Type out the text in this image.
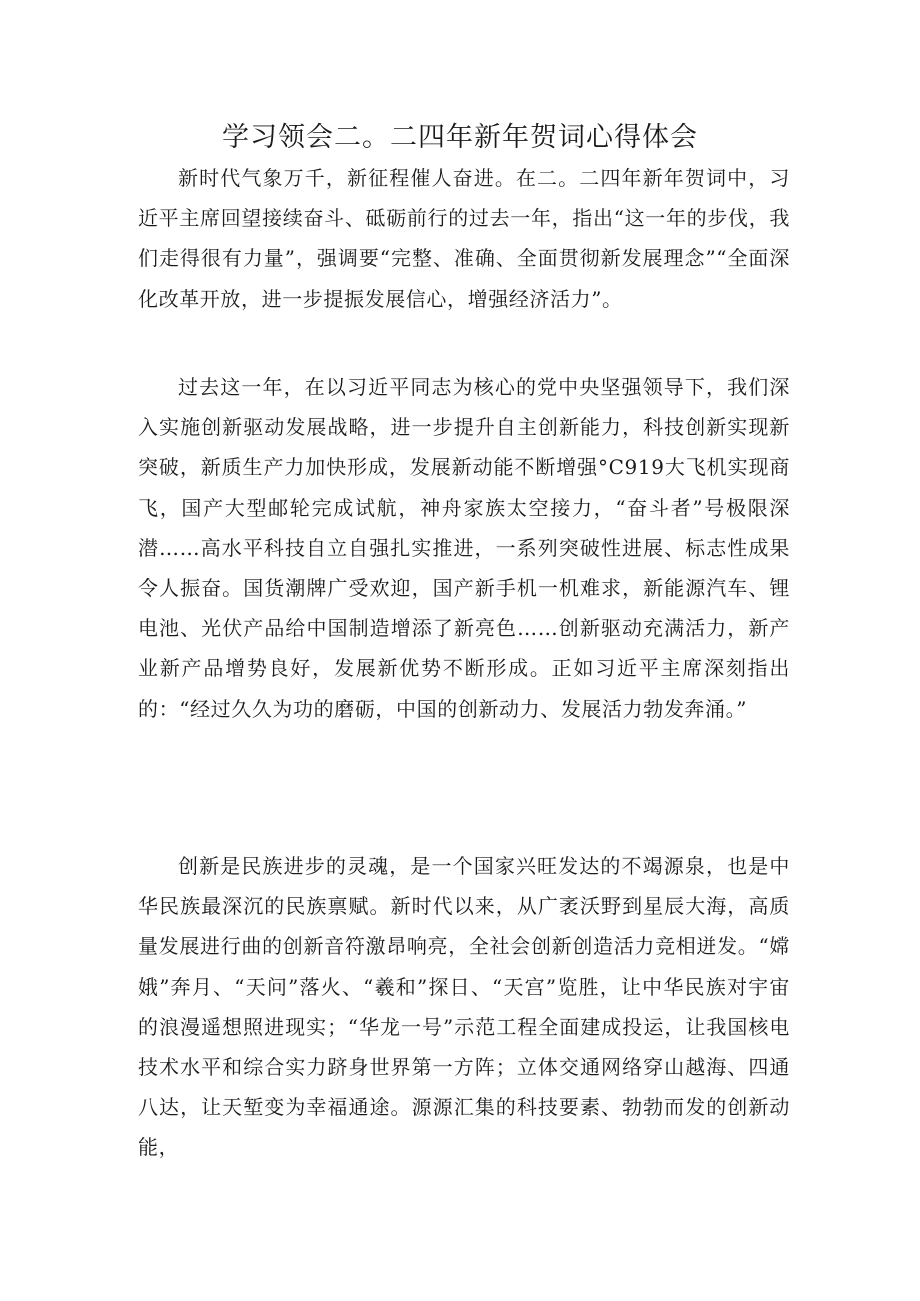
学习领会二。二四年新年贺词心得体会

新时代气象万千，新征程催人奋进。在二。二四年新年贺词中，习近平主席回望接续奋斗、砥砺前行的过去一年，指出“这一年的步伐，我们走得很有力量”，强调要“完整、准确、全面贯彻新发展理念”“全面深化改革开放，进一步提振发展信心，增强经济活力”。

过去这一年，在以习近平同志为核心的党中央坚强领导下，我们深入实施创新驱动发展战略，进一步提升自主创新能力，科技创新实现新突破，新质生产力加快形成，发展新动能不断增强°C919大飞机实现商飞，国产大型邮轮完成试航，神舟家族太空接力，“奋斗者”号极限深潜……高水平科技自立自强扎实推进，一系列突破性进展、标志性成果令人振奋。国货潮牌广受欢迎，国产新手机一机难求，新能源汽车、锂电池、光伏产品给中国制造增添了新亮色……创新驱动充满活力，新产业新产品增势良好，发展新优势不断形成。正如习近平主席深刻指出的：“经过久久为功的磨砺，中国的创新动力、发展活力勃发奔涌。”

创新是民族进步的灵魂，是一个国家兴旺发达的不竭源泉，也是中华民族最深沉的民族禀赋。新时代以来，从广袤沃野到星辰大海，高质量发展进行曲的创新音符激昂响亮，全社会创新创造活力竞相迸发。“嫦娥”奔月、“天问”落火、“羲和”探日、“天宫”览胜，让中华民族对宇宙的浪漫遥想照进现实；“华龙一号”示范工程全面建成投运，让我国核电技术水平和综合实力跻身世界第一方阵；立体交通网络穿山越海、四通八达，让天堑变为幸福通途。源源汇集的科技要素、勃勃而发的创新动能，
